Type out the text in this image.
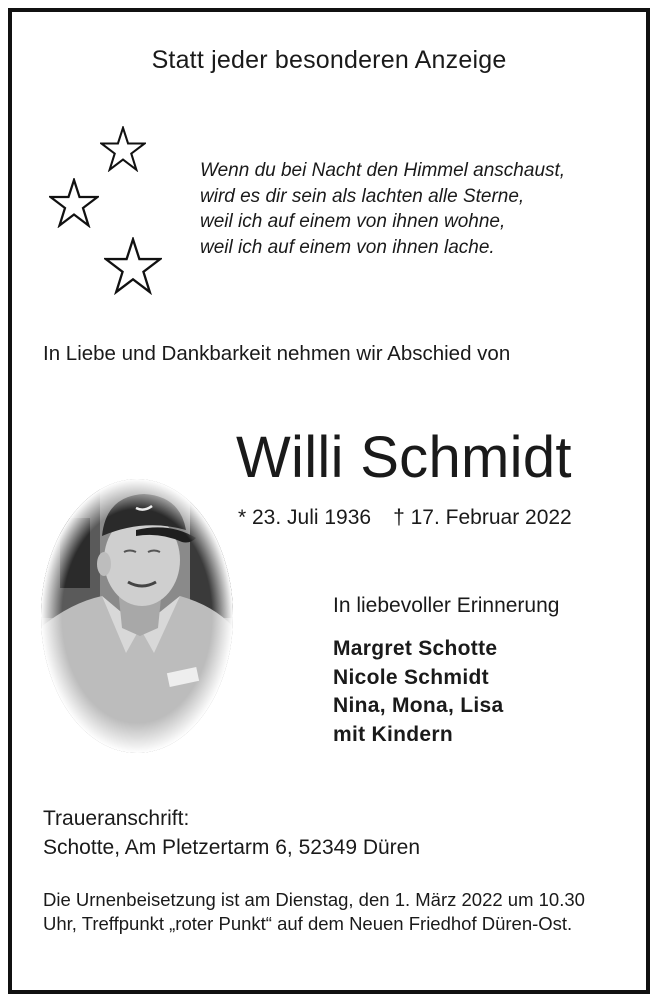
Statt jeder besonderen Anzeige
Wenn du bei Nacht den Himmel anschaust,
wird es dir sein als lachten alle Sterne,
weil ich auf einem von ihnen wohne,
weil ich auf einem von ihnen lache.
In Liebe und Dankbarkeit nehmen wir Abschied von
Willi Schmidt
* 23. Juli 1936 † 17. Februar 2022
In liebevoller Erinnerung
Margret Schotte
Nicole Schmidt
Nina, Mona, Lisa
mit Kindern
Traueranschrift:
Schotte, Am Pletzertarm 6, 52349 Düren
Die Urnenbeisetzung ist am Dienstag, den 1. März 2022 um 10.30 Uhr, Treffpunkt „roter Punkt“ auf dem Neuen Friedhof Düren-Ost.
